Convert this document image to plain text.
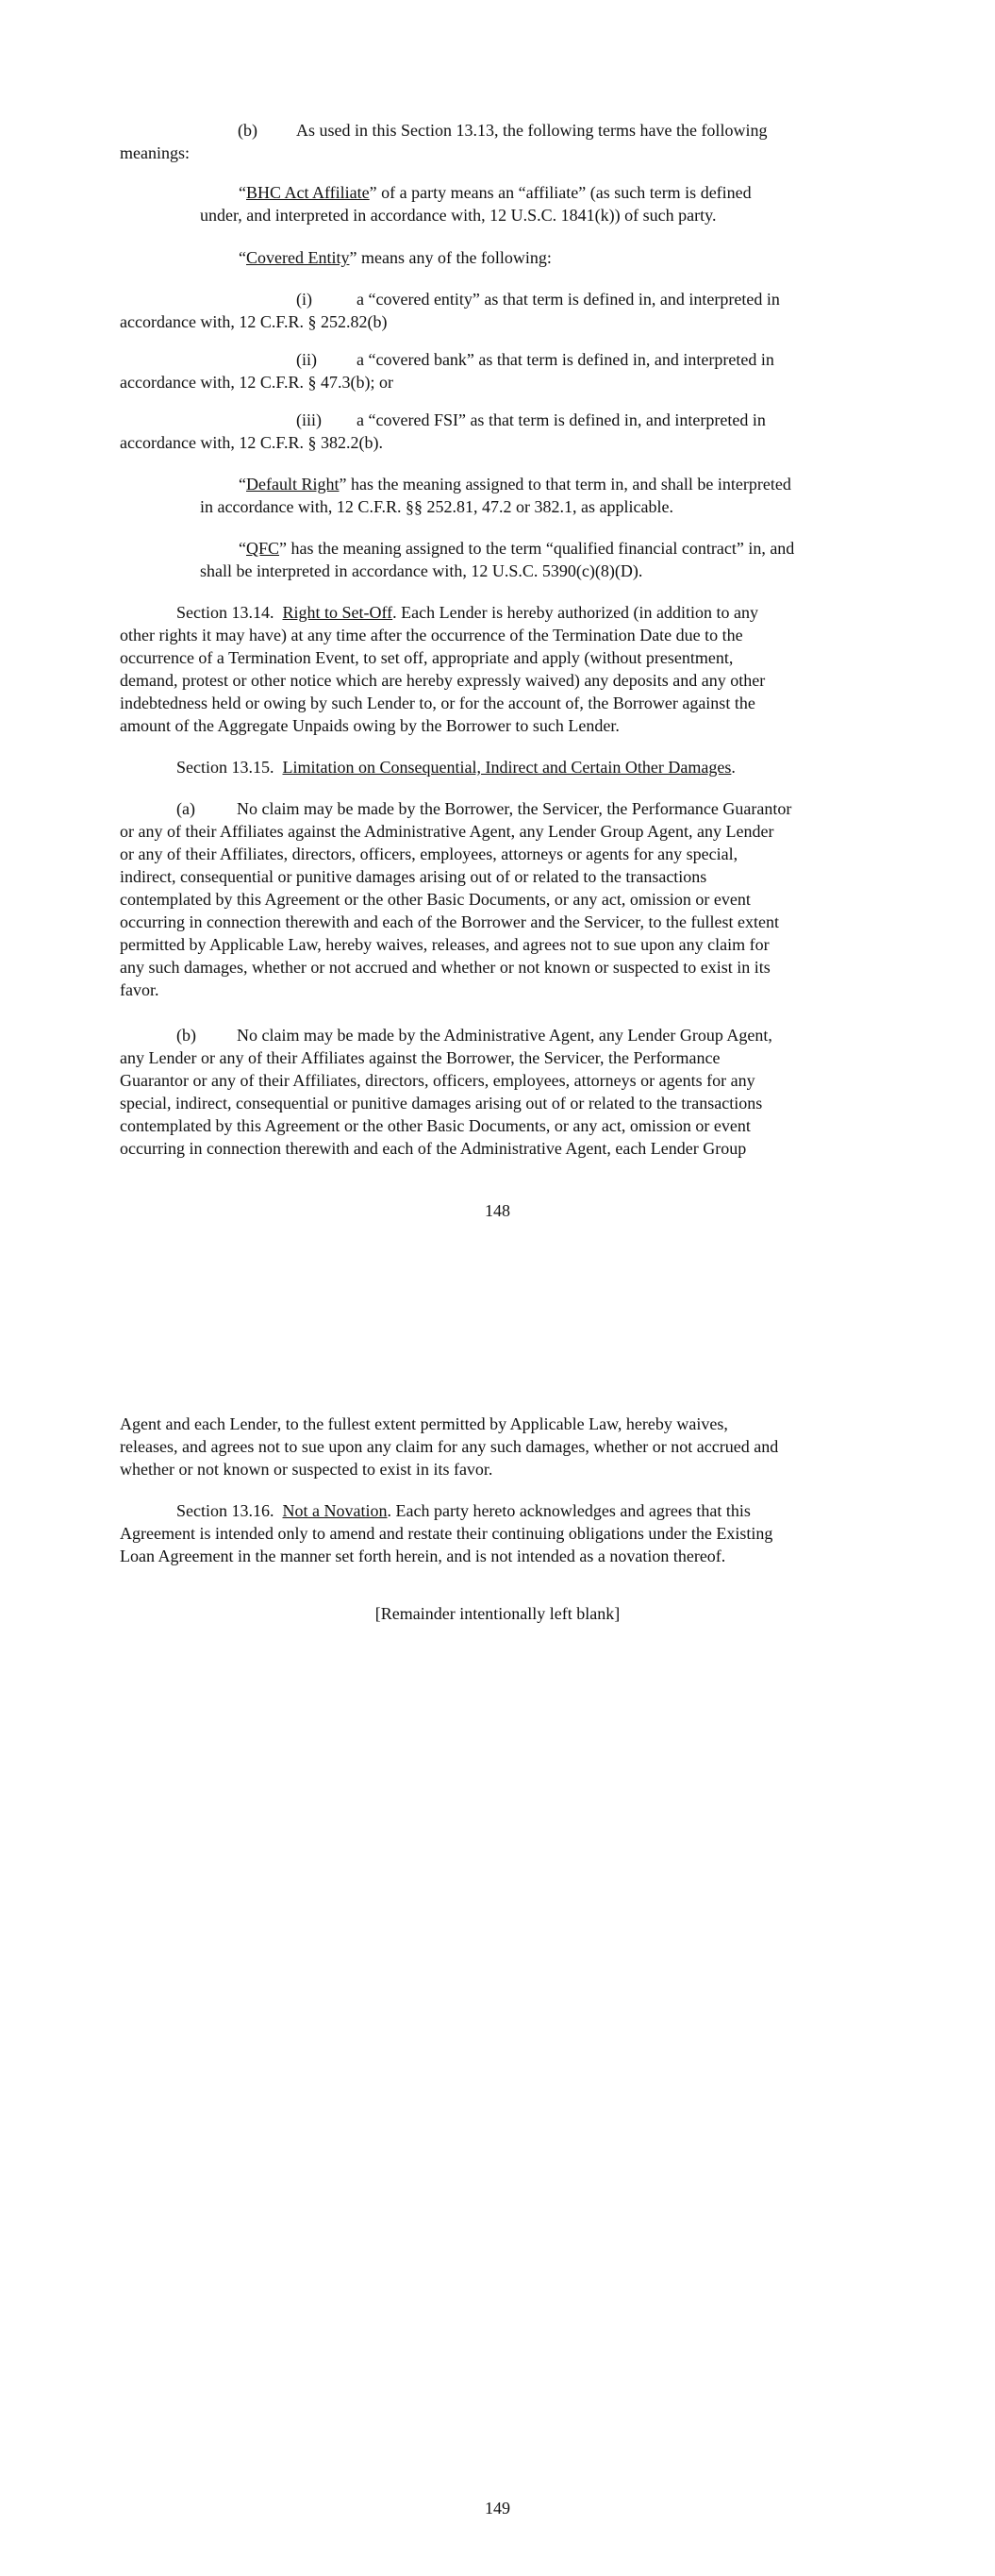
(b) As used in this Section 13.13, the following terms have the following
meanings:

“BHC Act Affiliate” of a party means an “affiliate” (as such term is defined
under, and interpreted in accordance with, 12 U.S.C. 1841(k)) of such party.

“Covered Entity” means any of the following:

(i)	a “covered entity” as that term is defined in, and interpreted in
accordance with, 12 C.F.R. § 252.82(b)

(ii) a “covered bank” as that term is defined in, and interpreted in
accordance with, 12 C.F.R. § 47.3(b); or

(iii) a “covered FSI” as that term is defined in, and interpreted in
accordance with, 12 C.F.R. § 382.2(b).

“Default Right” has the meaning assigned to that term in, and shall be interpreted
in accordance with, 12 C.F.R. §§ 252.81, 47.2 or 382.1, as applicable.

“QFC” has the meaning assigned to the term “qualified financial contract” in, and
shall be interpreted in accordance with, 12 U.S.C. 5390(c)(8)(D).

Section 13.14. Right to Set-Off. Each Lender is hereby authorized (in addition to any
other rights it may have) at any time after the occurrence of the Termination Date due to the
occurrence of a Termination Event, to set off, appropriate and apply (without presentment,
demand, protest or other notice which are hereby expressly waived) any deposits and any other
indebtedness held or owing by such Lender to, or for the account of, the Borrower against the
amount of the Aggregate Unpaids owing by the Borrower to such Lender.

Section 13.15. Limitation on Consequential, Indirect and Certain Other Damages.

(a) No claim may be made by the Borrower, the Servicer, the Performance Guarantor
or any of their Affiliates against the Administrative Agent, any Lender Group Agent, any Lender
or any of their Affiliates, directors, officers, employees, attorneys or agents for any special,
indirect, consequential or punitive damages arising out of or related to the transactions
contemplated by this Agreement or the other Basic Documents, or any act, omission or event
occurring in connection therewith and each of the Borrower and the Servicer, to the fullest extent
permitted by Applicable Law, hereby waives, releases, and agrees not to sue upon any claim for
any such damages, whether or not accrued and whether or not known or suspected to exist in its
favor.
(b) No claim may be made by the Administrative Agent, any Lender Group Agent,
any Lender or any of their Affiliates against the Borrower, the Servicer, the Performance
Guarantor or any of their Affiliates, directors, officers, employees, attorneys or agents for any
special, indirect, consequential or punitive damages arising out of or related to the transactions
contemplated by this Agreement or the other Basic Documents, or any act, omission or event
occurring in connection therewith and each of the Administrative Agent, each Lender Group
148
Agent and each Lender, to the fullest extent permitted by Applicable Law, hereby waives,
releases, and agrees not to sue upon any claim for any such damages, whether or not accrued and
whether or not known or suspected to exist in its favor.
Section 13.16. Not a Novation. Each party hereto acknowledges and agrees that this
Agreement is intended only to amend and restate their continuing obligations under the Existing
Loan Agreement in the manner set forth herein, and is not intended as a novation thereof.
[Remainder intentionally left blank]
149
